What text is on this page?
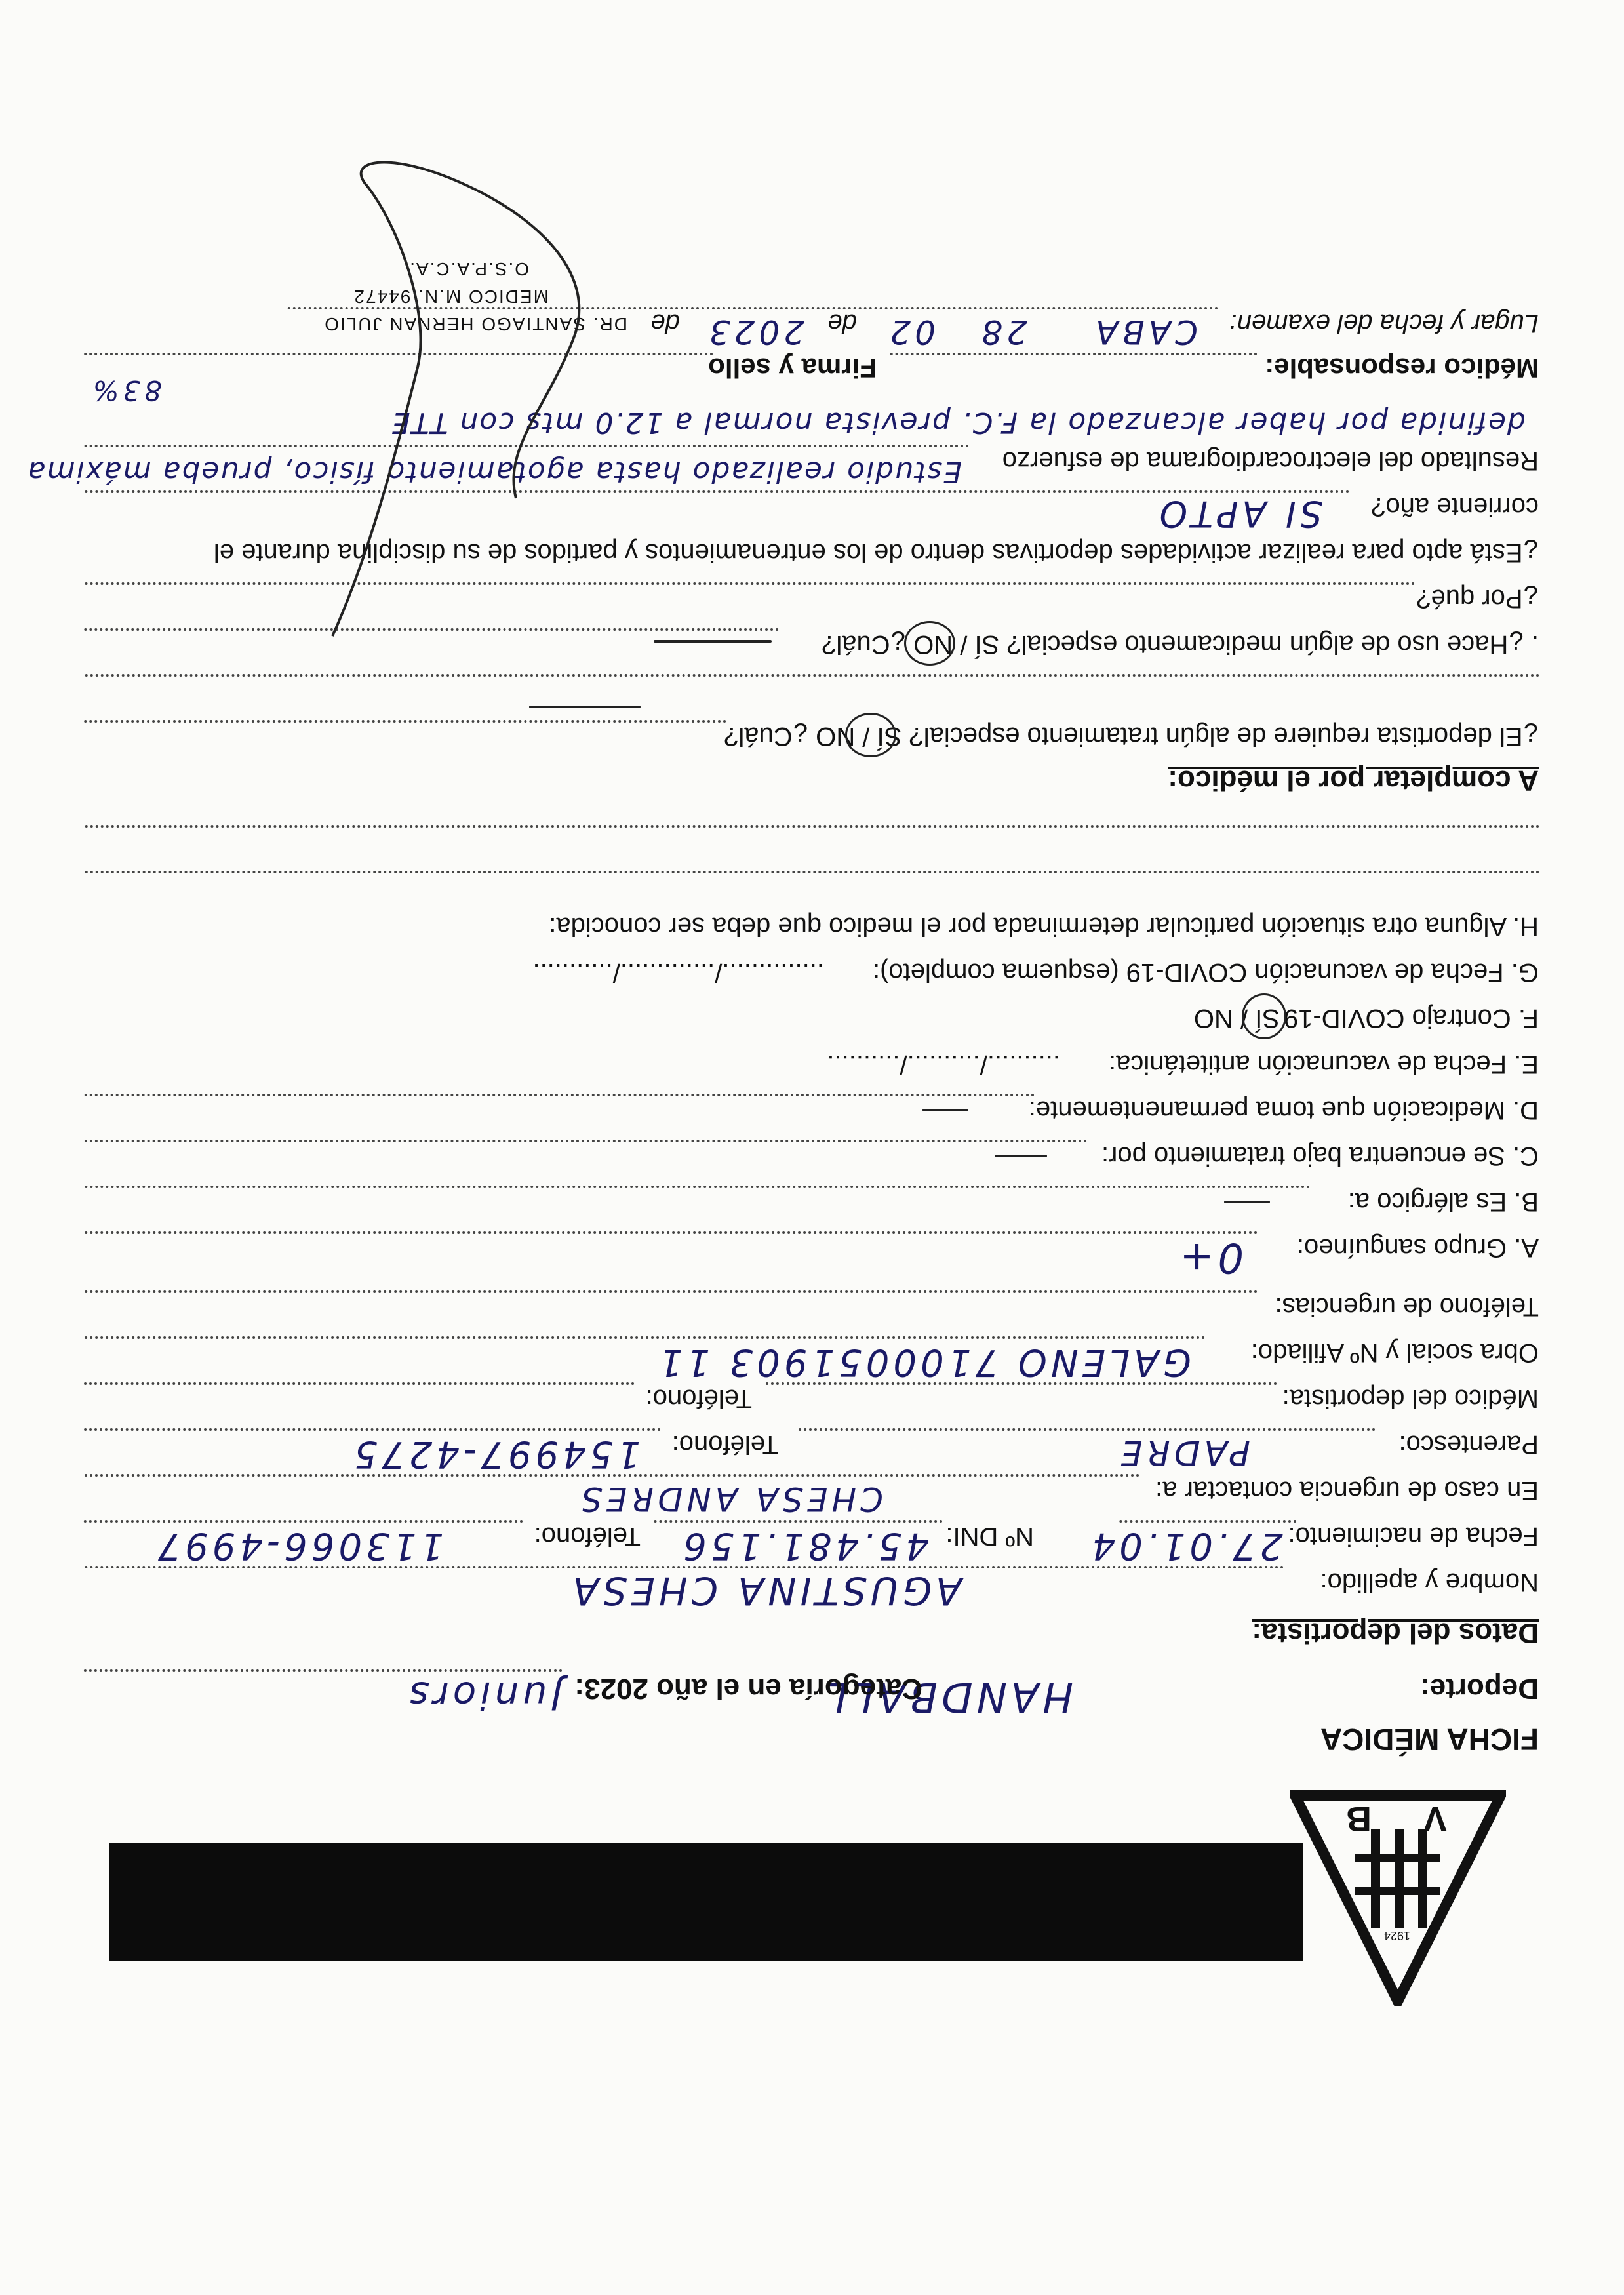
V
B
1924
FICHA MÉDICA
Deporte:
HANDBALL
Categoría en el año 2023:
Juniors
Datos del deportista:
Nombre y apellido:
AGUSTINA CHESA
Fecha de nacimiento:
27.01.04
Nº DNI:
45.481.156
Teléfono:
113066-4997
En caso de urgencia contactar a:
CHESA ANDRES
Parentesco:
PADRE
Teléfono:
154997-4275
Médico del deportista:
Teléfono:
Obra social y Nº Afiliado:
GALENO 7100051903 11
Teléfono de urgencias:
A. Grupo sanguíneo:
0+
B. Es alérgico a:
C. Se encuentra bajo tratamiento por:
D. Medicación que toma permanentemente:
E. Fecha de vacunación antitetánica:
........../........../..........
F. Contrajo COVID-19
SÍ / NO
G. Fecha de vacunación COVID-19 (esquema completo):
............../............./...........
H. Alguna otra situación particular determinada por el medico que deba ser conocida:
A completar por el médico:
¿El deportista requiere de algún tratamiento especial? SÍ / NO ¿Cuál?
. ¿Hace uso de algún medicamento especial? SÍ / NO ¿Cuál?
¿Por qué?
¿Está apto para realizar actividades deportivas dentro de los entrenamientos y partidos de su disciplina durante el
corriente año?
SI APTO
Resultado del electrocardiograma de esfuerzo
Estudio realizado hasta agotamiento físico, prueba máxima
definida por haber alcanzado la F.C. prevista normal a 12.0 mts con TTE
83%
Médico responsable:
Firma y sello
Lugar y fecha del examen:
CABA
28
02
de
2023
de
DR. SANTIAGO HERNAN JULIO
MEDICO M.N. 94472
O.S.P.A.C.A.
